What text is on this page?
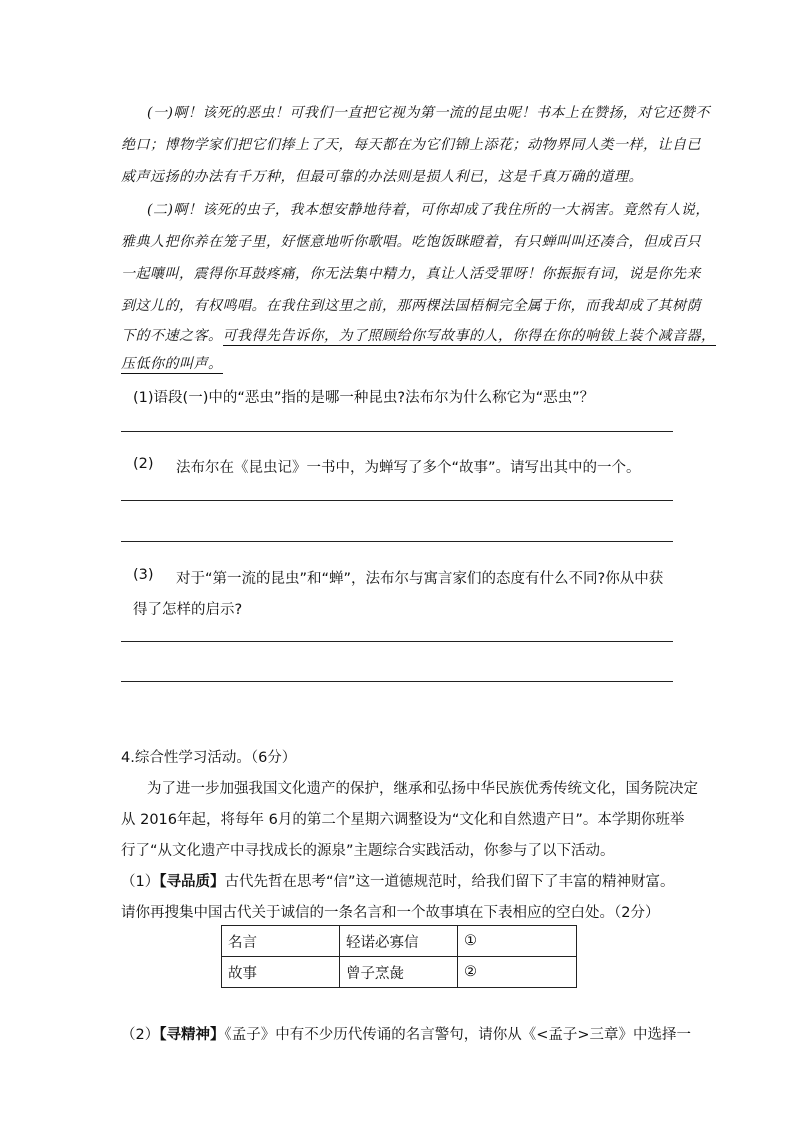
(一)啊！该死的恶虫！可我们一直把它视为第一流的昆虫呢！书本上在赞扬，对它还赞不
绝口；博物学家们把它们捧上了天，每天都在为它们锦上添花；动物界同人类一样，让自已
威声远扬的办法有千万种，但最可靠的办法则是损人利已，这是千真万确的道理。
(二)啊！该死的虫子，我本想安静地待着，可你却成了我住所的一大祸害。竟然有人说，
雅典人把你养在笼子里，好惬意地听你歌唱。吃饱饭眯瞪着，有只蝉叫叫还凑合，但成百只
一起嚷叫，震得你耳鼓疼痛，你无法集中精力，真让人活受罪呀！你振振有词，说是你先来
到这儿的，有权鸣唱。在我住到这里之前，那两棵法国梧桐完全属于你，而我却成了其树荫
下的不速之客。可我得先告诉你，为了照顾给你写故事的人，你得在你的响钹上装个减音器，
压低你的叫声。
(1)语段(一)中的“恶虫”指的是哪一种昆虫?法布尔为什么称它为“恶虫”？
(2) 法布尔在《昆虫记》一书中，为蝉写了多个“故事”。请写出其中的一个。
(3) 对于“第一流的昆虫”和“蝉”，法布尔与寓言家们的态度有什么不同?你从中获
得了怎样的启示?
4.综合性学习活动。（6分）
为了进一步加强我国文化遗产的保护，继承和弘扬中华民族优秀传统文化，国务院决定
从 2016年起，将每年 6月的第二个星期六调整设为“文化和自然遗产日”。本学期你班举
行了“从文化遗产中寻找成长的源泉”主题综合实践活动，你参与了以下活动。
（1）【寻品质】古代先哲在思考“信”这一道德规范时，给我们留下了丰富的精神财富。
请你再搜集中国古代关于诚信的一条名言和一个故事填在下表相应的空白处。（2分）
名言	轻诺必寡信	①
故事	曾子烹彘	②
（2）【寻精神】《孟子》中有不少历代传诵的名言警句，请你从《<孟子>三章》中选择一
